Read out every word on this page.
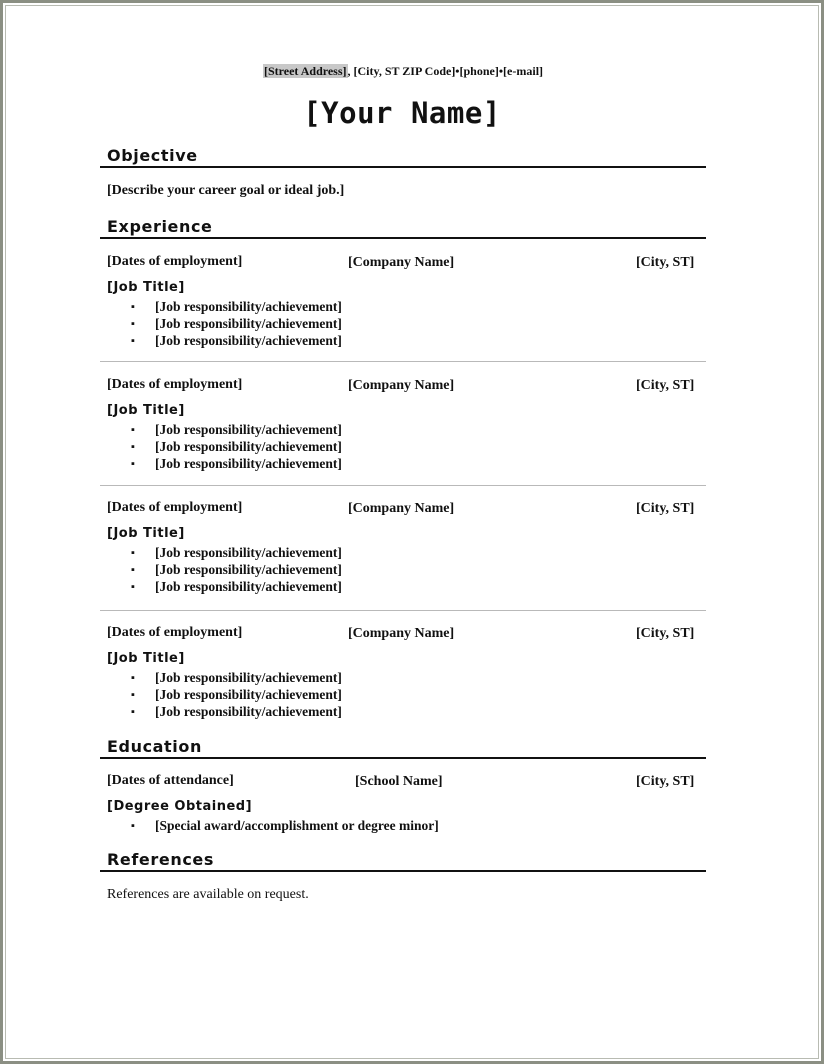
[Street Address], [City, ST ZIP Code]•[phone]•[e-mail]
[Your Name]
Objective
[Describe your career goal or ideal job.]
Experience
[Dates of employment]	[Company Name]	[City, ST]
[Job Title]
▪ [Job responsibility/achievement]
▪ [Job responsibility/achievement]
▪ [Job responsibility/achievement]
[Dates of employment]	[Company Name]	[City, ST]
[Job Title]
▪ [Job responsibility/achievement]
▪ [Job responsibility/achievement]
▪ [Job responsibility/achievement]
[Dates of employment]	[Company Name]	[City, ST]
[Job Title]
▪ [Job responsibility/achievement]
▪ [Job responsibility/achievement]
▪ [Job responsibility/achievement]
[Dates of employment]	[Company Name]	[City, ST]
[Job Title]
▪ [Job responsibility/achievement]
▪ [Job responsibility/achievement]
▪ [Job responsibility/achievement]
Education
[Dates of attendance]	[School Name]	[City, ST]
[Degree Obtained]
▪ [Special award/accomplishment or degree minor]
References
References are available on request.
